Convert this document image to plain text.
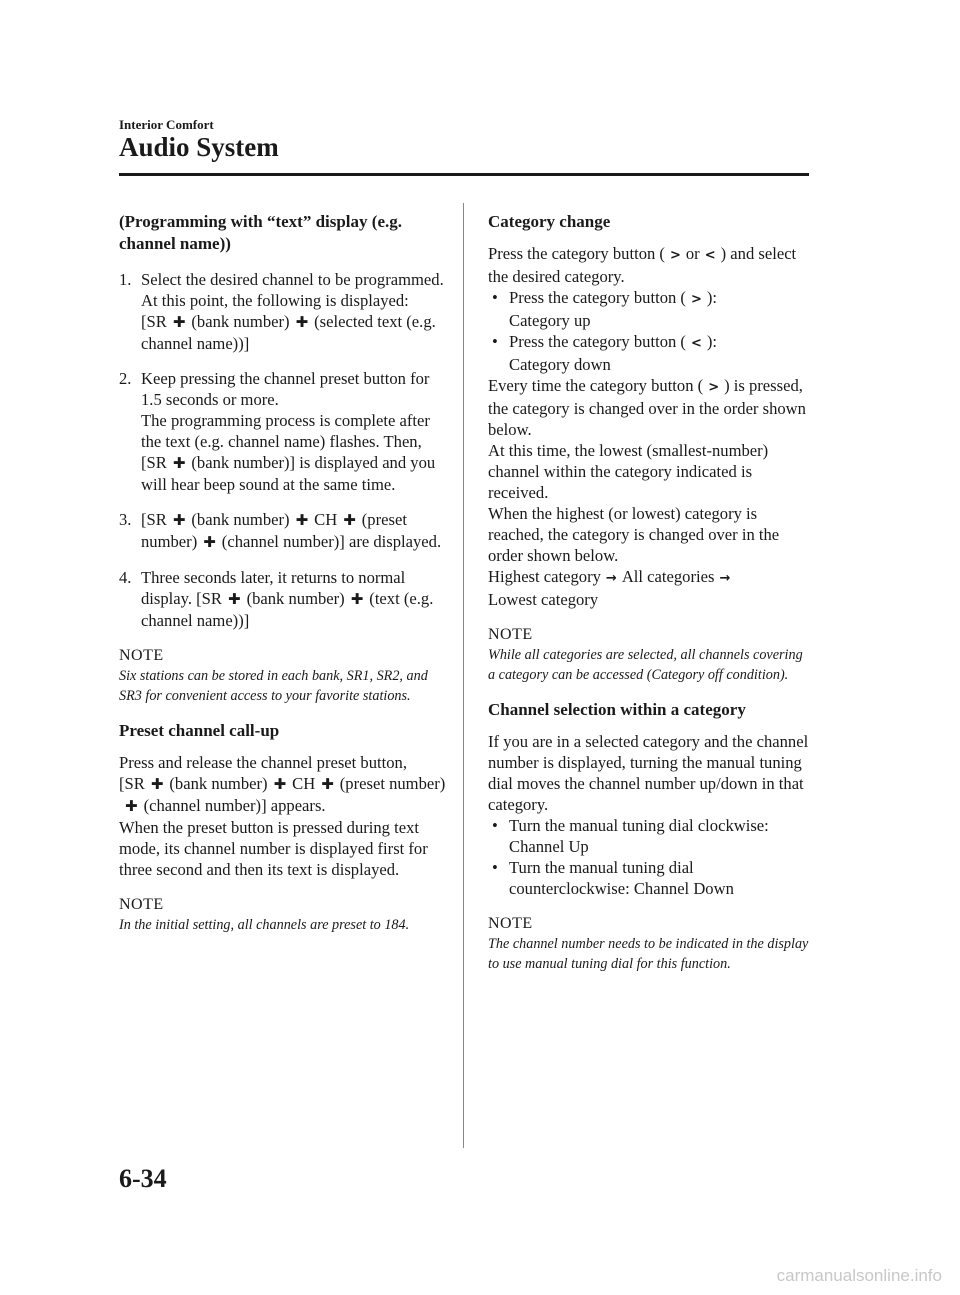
Interior Comfort
Audio System

(Programming with “text” display (e.g. channel name))

1. Select the desired channel to be programmed. At this point, the following is displayed:

[SR ✚ (bank number) ✚ (selected text (e.g. channel name))]

2. Keep pressing the channel preset button for 1.5 seconds or more.

The programming process is complete after the text (e.g. channel name) flashes. Then, [SR ✚ (bank number)] is displayed and you will hear beep sound at the same time.

3. [SR ✚ (bank number) ✚ CH ✚ (preset number) ✚ (channel number)] are displayed.

4. Three seconds later, it returns to normal display. [SR ✚ (bank number) ✚ (text (e.g. channel name))]

NOTE

Six stations can be stored in each bank, SR1, SR2, and SR3 for convenient access to your favorite stations.

Preset channel call-up

Press and release the channel preset button,

[SR ✚ (bank number) ✚ CH ✚ (preset number)✚ (channel number)] appears.

When the preset button is pressed during text mode, its channel number is displayed first for three second and then its text is displayed.

NOTE

In the initial setting, all channels are preset to 184.

Category change

Press the category button ( > or < ) and select the desired category.

•

Press the category button ( > ):

Category up

•

Press the category button ( < ):

Category down

Every time the category button ( > ) is pressed, the category is changed over in the order shown below.

At this time, the lowest (smallest-number) channel within the category indicated is received.

When the highest (or lowest) category is reached, the category is changed over in the order shown below.

Highest category → All categories →
Lowest category

NOTE

While all categories are selected, all channels covering a category can be accessed (Category off condition).

Channel selection within a category

If you are in a selected category and the channel number is displayed, turning the manual tuning dial moves the channel number up/down in that category.

•

Turn the manual tuning dial clockwise: Channel Up

•

Turn the manual tuning dial counterclockwise: Channel Down

NOTE

The channel number needs to be indicated in the display to use manual tuning dial for this function.

6-34
carmanualsonline.info
